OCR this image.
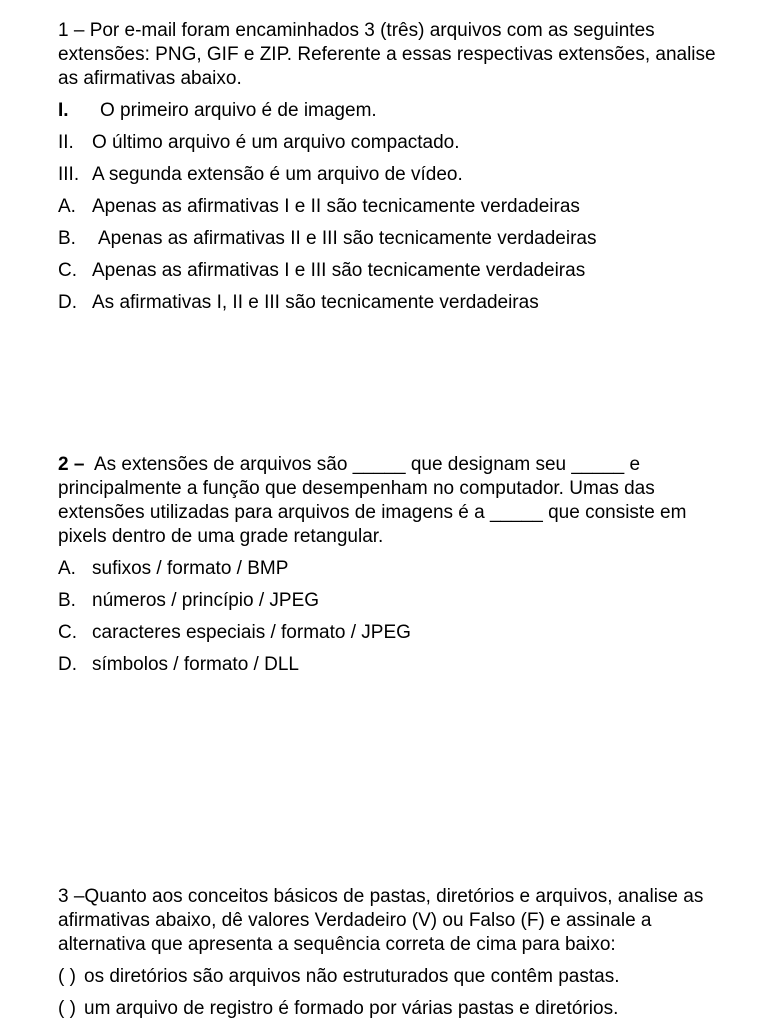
1 – Por e-mail foram encaminhados 3 (três) arquivos com as seguintes extensões: PNG, GIF e ZIP. Referente a essas respectivas extensões, analise as afirmativas abaixo.

I.	O primeiro arquivo é de imagem.
II. O último arquivo é um arquivo compactado.
III. A segunda extensão é um arquivo de vídeo.
A. Apenas as afirmativas I e II são tecnicamente verdadeiras
B.	Apenas as afirmativas II e III são tecnicamente verdadeiras
C. Apenas as afirmativas I e III são tecnicamente verdadeiras
D. As afirmativas I, II e III são tecnicamente verdadeiras

2 – As extensões de arquivos são _____ que designam seu _____ e principalmente a função que desempenham no computador. Umas das extensões utilizadas para arquivos de imagens é a _____ que consiste em pixels dentro de uma grade retangular.

A. sufixos / formato / BMP
B. números / princípio / JPEG
C. caracteres especiais / formato / JPEG
D. símbolos / formato / DLL

3 –Quanto aos conceitos básicos de pastas, diretórios e arquivos, analise as afirmativas abaixo, dê valores Verdadeiro (V) ou Falso (F) e assinale a alternativa que apresenta a sequência correta de cima para baixo:

( ) os diretórios são arquivos não estruturados que contêm pastas.
( ) um arquivo de registro é formado por várias pastas e diretórios.
